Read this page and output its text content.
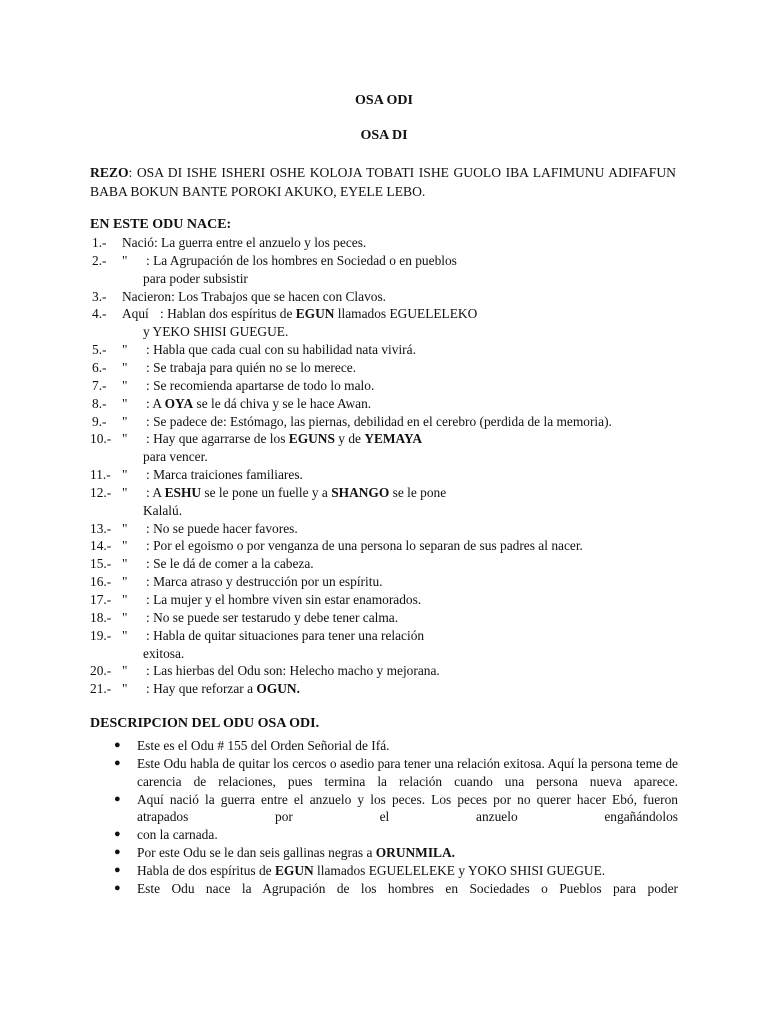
OSA ODI
OSA DI
REZO: OSA DI ISHE ISHERI OSHE KOLOJA TOBATI ISHE GUOLO IBA LAFIMUNU ADIFAFUN BABA BOKUN BANTE POROKI AKUKO, EYELE LEBO.
EN ESTE ODU NACE:
1.- Nació: La guerra entre el anzuelo y los peces.
2.- " : La Agrupación de los hombres en Sociedad o en pueblos
para poder subsistir
3.- Nacieron: Los Trabajos que se hacen con Clavos.
4.- Aquí : Hablan dos espíritus de EGUN llamados EGUELELEKO
y YEKO SHISI GUEGUE.
5.- " : Habla que cada cual con su habilidad nata vivirá.
6.- " : Se trabaja para quién no se lo merece.
7.- " : Se recomienda apartarse de todo lo malo.
8.- " : A OYA se le dá chiva y se le hace Awan.
9.- " : Se padece de: Estómago, las piernas, debilidad en el cerebro (perdida de la memoria).
10.- " : Hay que agarrarse de los EGUNS y de YEMAYA
para vencer.
11.- " : Marca traiciones familiares.
12.- " : A ESHU se le pone un fuelle y a SHANGO se le pone
Kalalú.
13.- " : No se puede hacer favores.
14.- " : Por el egoismo o por venganza de una persona lo separan de sus padres al nacer.
15.- " : Se le dá de comer a la cabeza.
16.- " : Marca atraso y destrucción por un espíritu.
17.- " : La mujer y el hombre viven sin estar enamorados.
18.- " : No se puede ser testarudo y debe tener calma.
19.- " : Habla de quitar situaciones para tener una relación
exitosa.
20.- " : Las hierbas del Odu son: Helecho macho y mejorana.
21.- " : Hay que reforzar a OGUN.
DESCRIPCION DEL ODU OSA ODI.
● Este es el Odu # 155 del Orden Señorial de Ifá.
● Este Odu habla de quitar los cercos o asedio para tener una relación exitosa. Aquí la persona teme de carencia de relaciones, pues termina la relación cuando una persona nueva aparece.
● Aquí nació la guerra entre el anzuelo y los peces. Los peces por no querer hacer Ebó, fueron atrapados por el anzuelo engañándolos
● con la carnada.
● Por este Odu se le dan seis gallinas negras a ORUNMILA.
● Habla de dos espíritus de EGUN llamados EGUELELEKE y YOKO SHISI GUEGUE.
● Este Odu nace la Agrupación de los hombres en Sociedades o Pueblos para poder
